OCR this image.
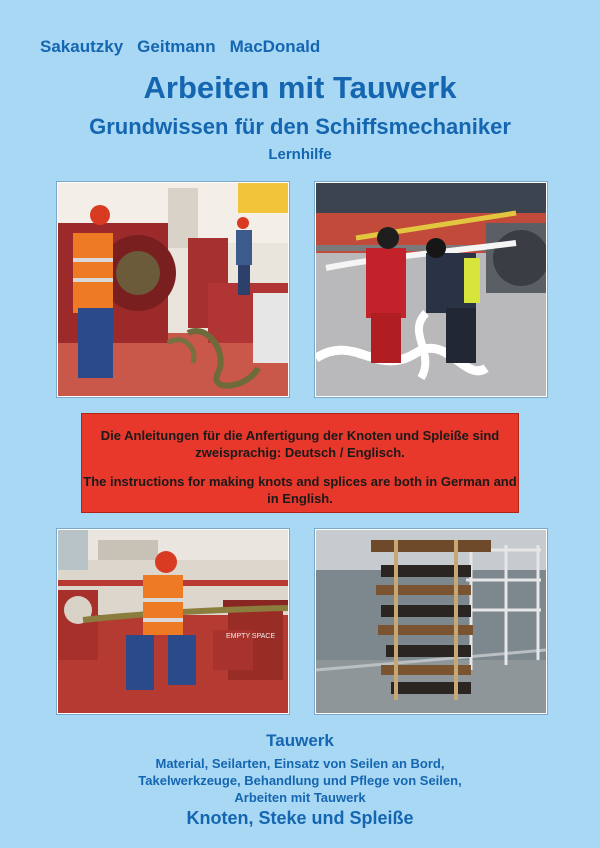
Sakautzky Geitmann MacDonald
Arbeiten mit Tauwerk
Grundwissen für den Schiffsmechaniker
Lernhilfe

Die Anleitungen für die Anfertigung der Knoten und Spleiße sind zweisprachig: Deutsch / Englisch.

The instructions for making knots and splices are both in German and in English.

EMPTY SPACE

Tauwerk

Material, Seilarten, Einsatz von Seilen an Bord,

Takelwerkzeuge, Behandlung und Pflege von Seilen,

Arbeiten mit Tauwerk

Knoten, Steke und Spleiße
